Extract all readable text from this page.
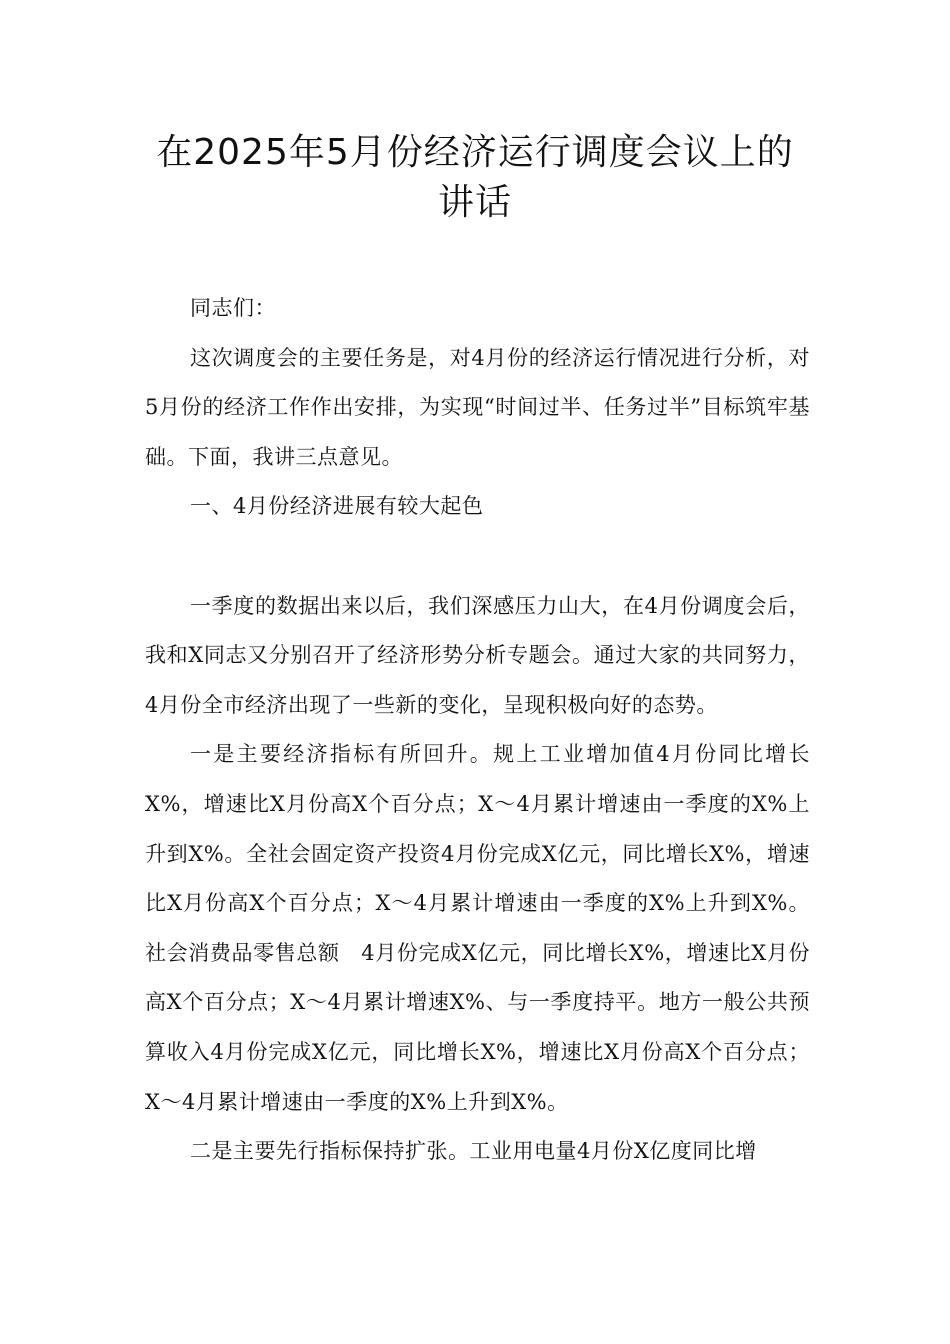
在2025年5月份经济运行调度会议上的讲话

同志们：

这次调度会的主要任务是，对4月份的经济运行情况进行分析，对5月份的经济工作作出安排，为实现“时间过半、任务过半”目标筑牢基础。下面，我讲三点意见。

一、4月份经济进展有较大起色

一季度的数据出来以后，我们深感压力山大，在4月份调度会后，我和X同志又分别召开了经济形势分析专题会。通过大家的共同努力，4月份全市经济出现了一些新的变化，呈现积极向好的态势。

一是主要经济指标有所回升。规上工业增加值4月份同比增长X%，增速比X月份高X个百分点；X～4月累计增速由一季度的X%上升到X%。全社会固定资产投资4月份完成X亿元，同比增长X%，增速比X月份高X个百分点；X～4月累计增速由一季度的X%上升到X%。社会消费品零售总额　4月份完成X亿元，同比增长X%，增速比X月份高X个百分点；X～4月累计增速X%、与一季度持平。地方一般公共预算收入4月份完成X亿元，同比增长X%，增速比X月份高X个百分点；X～4月累计增速由一季度的X%上升到X%。

二是主要先行指标保持扩张。工业用电量4月份X亿度同比增
